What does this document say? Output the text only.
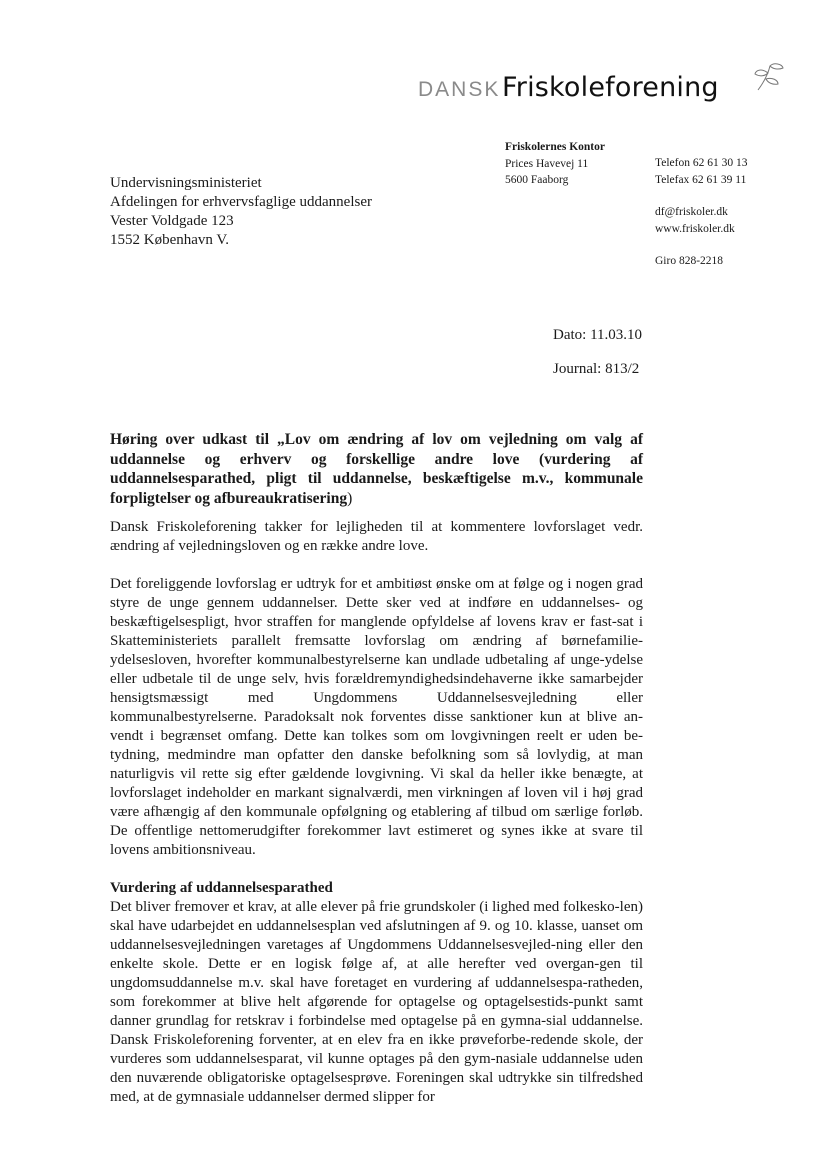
DANSK Friskoleforening
Friskolernes Kontor
Prices Havevej 11
5600 Faaborg
Telefon 62 61 30 13
Telefax 62 61 39 11
df@friskoler.dk
www.friskoler.dk
Giro 828-2218
Undervisningsministeriet
Afdelingen for erhvervsfaglige uddannelser
Vester Voldgade 123
1552 København V.
Dato: 11.03.10
Journal: 813/2
Høring over udkast til „Lov om ændring af lov om vejledning om valg af uddannelse og erhverv og forskellige andre love (vurdering af uddannelsesparathed, pligt til uddannelse, beskæftigelse m.v., kommunale forpligtelser og afbureaukratisering)

Dansk Friskoleforening takker for lejligheden til at kommentere lovforslaget vedr. ændring af vejledningsloven og en række andre love.

Det foreliggende lovforslag er udtryk for et ambitiøst ønske om at følge og i nogen grad styre de unge gennem uddannelser. Dette sker ved at indføre en uddannelses- og beskæftigelsespligt, hvor straffen for manglende opfyldelse af lovens krav er fast-sat i Skatteministeriets parallelt fremsatte lovforslag om ændring af børnefamilie-ydelsesloven, hvorefter kommunalbestyrelserne kan undlade udbetaling af unge-ydelse eller udbetale til de unge selv, hvis forældremyndighedsindehaverne ikke samarbejder hensigtsmæssigt med Ungdommens Uddannelsesvejledning eller kommunalbestyrelserne. Paradoksalt nok forventes disse sanktioner kun at blive an-vendt i begrænset omfang. Dette kan tolkes som om lovgivningen reelt er uden be-tydning, medmindre man opfatter den danske befolkning som så lovlydig, at man naturligvis vil rette sig efter gældende lovgivning. Vi skal da heller ikke benægte, at lovforslaget indeholder en markant signalværdi, men virkningen af loven vil i høj grad være afhængig af den kommunale opfølgning og etablering af tilbud om særlige forløb. De offentlige nettomerudgifter forekommer lavt estimeret og synes ikke at svare til lovens ambitionsniveau.

Vurdering af uddannelsesparathed

Det bliver fremover et krav, at alle elever på frie grundskoler (i lighed med folkesko-len) skal have udarbejdet en uddannelsesplan ved afslutningen af 9. og 10. klasse, uanset om uddannelsesvejledningen varetages af Ungdommens Uddannelsesvejled-ning eller den enkelte skole. Dette er en logisk følge af, at alle herefter ved overgan-gen til ungdomsuddannelse m.v. skal have foretaget en vurdering af uddannelsespa-ratheden, som forekommer at blive helt afgørende for optagelse og optagelsestids-punkt samt danner grundlag for retskrav i forbindelse med optagelse på en gymna-sial uddannelse. Dansk Friskoleforening forventer, at en elev fra en ikke prøveforbe-redende skole, der vurderes som uddannelsesparat, vil kunne optages på den gym-nasiale uddannelse uden den nuværende obligatoriske optagelsesprøve. Foreningen skal udtrykke sin tilfredshed med, at de gymnasiale uddannelser dermed slipper for
